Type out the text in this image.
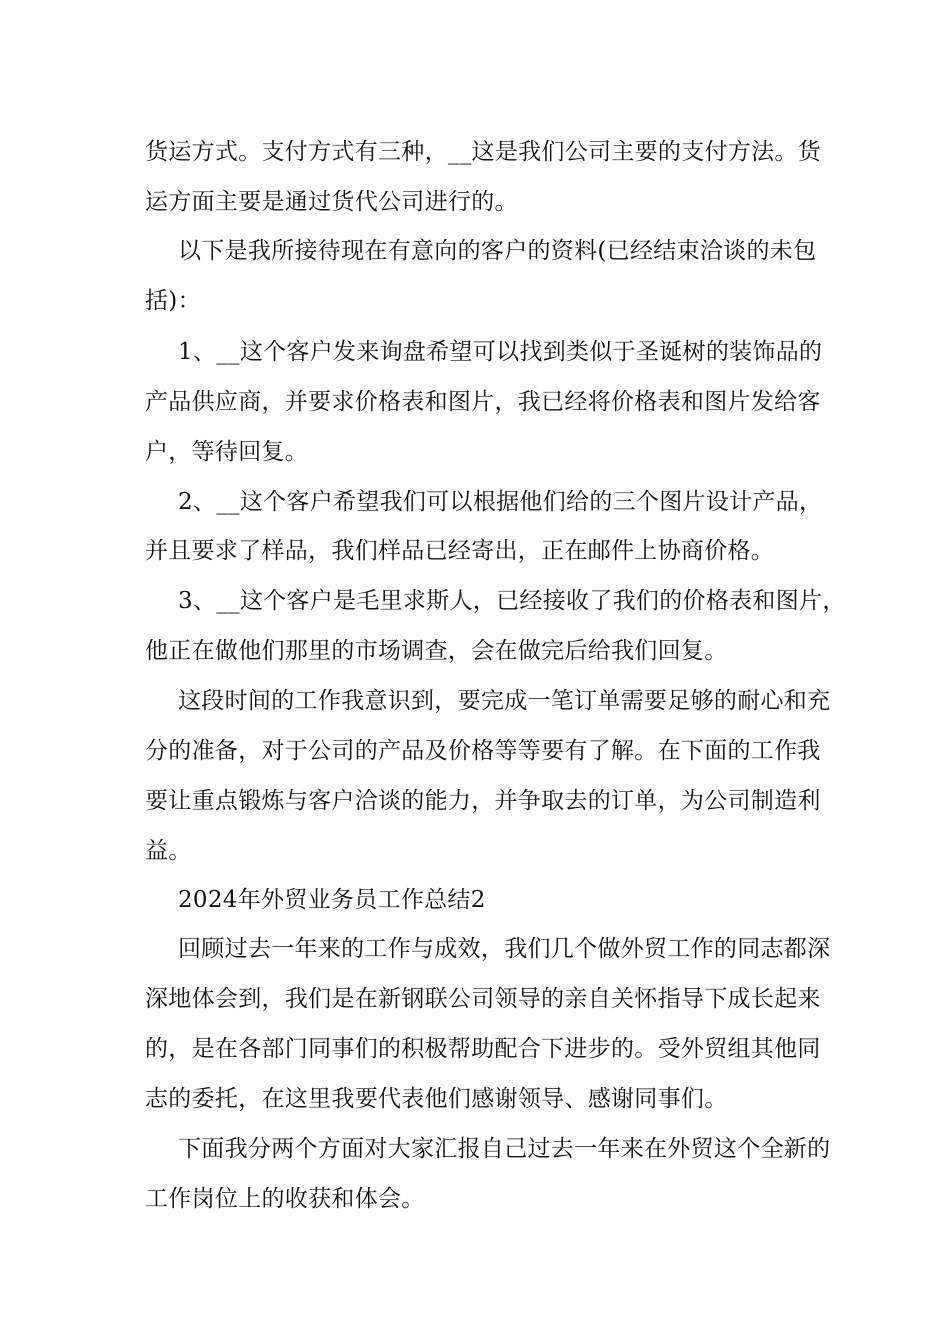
货运方式。支付方式有三种，__这是我们公司主要的支付方法。货
运方面主要是通过货代公司进行的。
以下是我所接待现在有意向的客户的资料(已经结束洽谈的未包
括)：
1、__这个客户发来询盘希望可以找到类似于圣诞树的装饰品的
产品供应商，并要求价格表和图片，我已经将价格表和图片发给客
户，等待回复。
2、__这个客户希望我们可以根据他们给的三个图片设计产品，
并且要求了样品，我们样品已经寄出，正在邮件上协商价格。
3、__这个客户是毛里求斯人，已经接收了我们的价格表和图片，
他正在做他们那里的市场调查，会在做完后给我们回复。
这段时间的工作我意识到，要完成一笔订单需要足够的耐心和充
分的准备，对于公司的产品及价格等等要有了解。在下面的工作我
要让重点锻炼与客户洽谈的能力，并争取去的订单，为公司制造利
益。
2024年外贸业务员工作总结2
回顾过去一年来的工作与成效，我们几个做外贸工作的同志都深
深地体会到，我们是在新钢联公司领导的亲自关怀指导下成长起来
的，是在各部门同事们的积极帮助配合下进步的。受外贸组其他同
志的委托，在这里我要代表他们感谢领导、感谢同事们。
下面我分两个方面对大家汇报自己过去一年来在外贸这个全新的
工作岗位上的收获和体会。
